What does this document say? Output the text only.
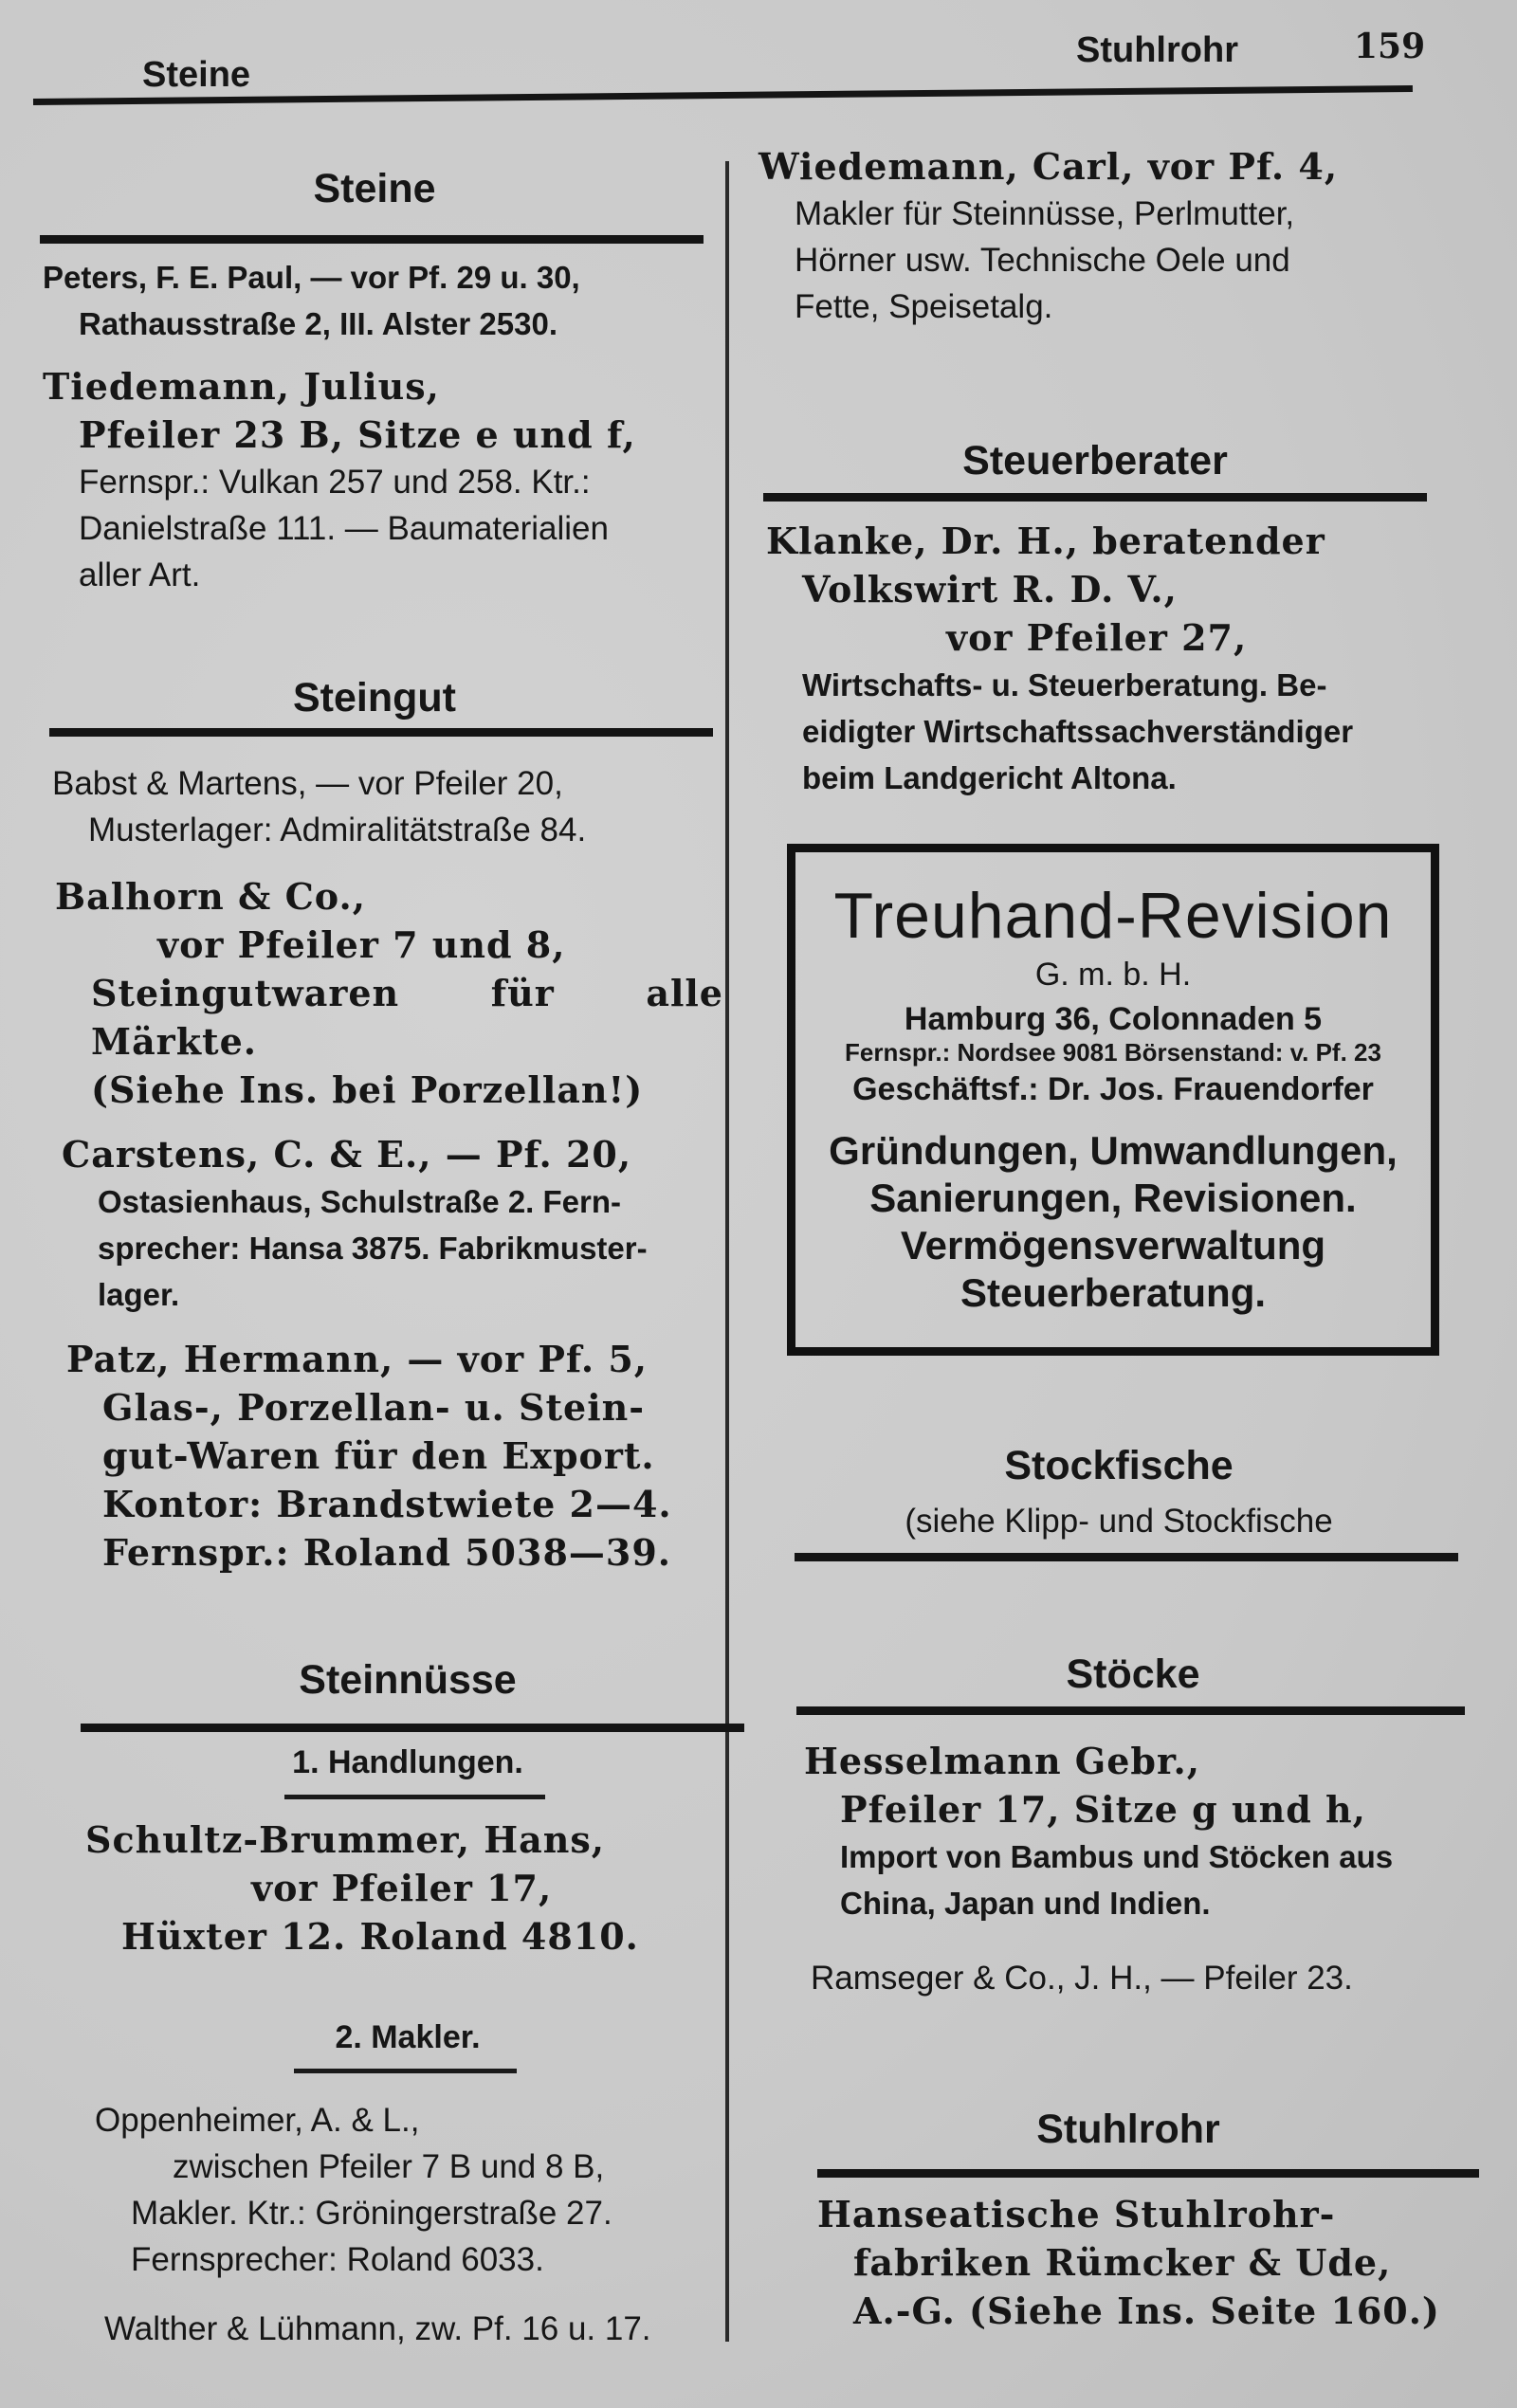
Steine
Stuhlrohr	159
Steine
Peters, F. E. Paul, — vor Pf. 29 u. 30,
Rathausstraße 2, III. Alster 2530.
Tiedemann, Julius,
Pfeiler 23 B, Sitze e und f,
Fernspr.: Vulkan 257 und 258. Ktr.:
Danielstraße 111. — Baumaterialien
aller Art.
Steingut
Babst & Martens, — vor Pfeiler 20,
Musterlager: Admiralitätstraße 84.
Balhorn & Co.,
vor Pfeiler 7 und 8,
Steingutwaren für alle
Märkte.
(Siehe Ins. bei Porzellan!)
Carstens, C. & E., — Pf. 20,
Ostasienhaus, Schulstraße 2. Fern-
sprecher: Hansa 3875. Fabrikmuster-
lager.
Patz, Hermann, — vor Pf. 5,
Glas-, Porzellan- u. Stein-
gut-Waren für den Export.
Kontor: Brandstwiete 2—4.
Fernspr.: Roland 5038—39.
Steinnüsse
1. Handlungen.
Schultz-Brummer, Hans,
vor Pfeiler 17,
Hüxter 12. Roland 4810.
2. Makler.
Oppenheimer, A. & L.,
zwischen Pfeiler 7 B und 8 B,
Makler. Ktr.: Gröningerstraße 27.
Fernsprecher: Roland 6033.
Walther & Lühmann, zw. Pf. 16 u. 17.
Wiedemann, Carl, vor Pf. 4,
Makler für Steinnüsse, Perlmutter,
Hörner usw. Technische Oele und
Fette, Speisetalg.
Steuerberater
Klanke, Dr. H., beratender
Volkswirt R. D. V.,
vor Pfeiler 27,
Wirtschafts- u. Steuerberatung. Be-
eidigter Wirtschaftssachverständiger
beim Landgericht Altona.
Treuhand-Revision
G. m. b. H.
Hamburg 36, Colonnaden 5
Fernspr.: Nordsee 9081 Börsenstand: v. Pf. 23
Geschäftsf.: Dr. Jos. Frauendorfer
Gründungen, Umwandlungen,
Sanierungen, Revisionen.
Vermögensverwaltung
Steuerberatung.
Stockfische
(siehe Klipp- und Stockfische
Stöcke
Hesselmann Gebr.,
Pfeiler 17, Sitze g und h,
Import von Bambus und Stöcken aus
China, Japan und Indien.
Ramseger & Co., J. H., — Pfeiler 23.
Stuhlrohr
Hanseatische Stuhlrohr-
fabriken Rümcker & Ude,
A.-G. (Siehe Ins. Seite 160.)
